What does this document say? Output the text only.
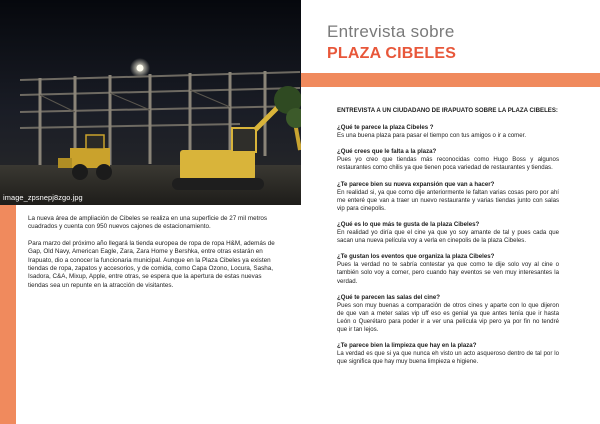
image_zpsnepj8zgo.jpg

La nueva área de ampliación de Cibeles se realiza en una superficie de 27 mil metros cuadrados y cuenta con 950 nuevos cajones de estacionamiento.

Para marzo del próximo año llegará la tienda europea de ropa de ropa H&M, además de Gap, Old Navy, American Eagle, Zara, Zara Home y Bershka, entre otras estarán en Irapuato, dio a conocer la funcionaria municipal. Aunque en la Plaza Cibeles ya existen tiendas de ropa, zapatos y accesorios, y de comida, como Capa Ozono, Locura, Sasha, Isadora, C&A, Mixup, Apple, entre otras, se espera que la apertura de estas nuevas tiendas sea un repunte en la atracción de visitantes.

Entrevista sobre
PLAZA CIBELES
ENTREVISTA A UN CIUDADANO DE IRAPUATO SOBRE LA PLAZA CIBELES:
¿Qué te parece la plaza Cibeles ?
Es una buena plaza para pasar el tiempo con tus amigos o ir a comer.
¿Qué crees que le falta a la plaza?
Pues yo creo que tiendas más reconocidas como Hugo Boss y algunos restaurantes como chilis ya que tienen poca variedad de restaurantes y tiendas.
¿Te parece bien su nueva expansión que van a hacer?
En realidad si, ya que como dije anteriormente le faltan varias cosas pero por ahí me enteré que van a traer un nuevo restaurante y varias tiendas junto con salas vip para cinepolis.
¿Qué es lo que más te gusta de la plaza Cibeles?
En realidad yo diría que el cine ya que yo soy amante de tal y pues cada que sacan una nueva película voy a verla en cinepolis de la plaza Cibeles.
¿Te gustan los eventos que organiza la plaza Cibeles?
Pues la verdad no te sabría contestar ya que como te dije solo voy al cine o también solo voy a comer, pero cuando hay eventos se ven muy interesantes la verdad.
¿Qué te parecen las salas del cine?
Pues son muy buenas a comparación de otros cines y aparte con lo que dijeron de que van a meter salas vip uff eso es genial ya que antes tenía que ir hasta León o Querétaro para poder ir a ver una película vip pero ya por fin no tendré que ir tan lejos.
¿Te parece bien la limpieza que hay en la plaza?
La verdad es que si ya que nunca eh visto un acto asqueroso dentro de tal por lo que significa que hay muy buena limpieza e higiene.
